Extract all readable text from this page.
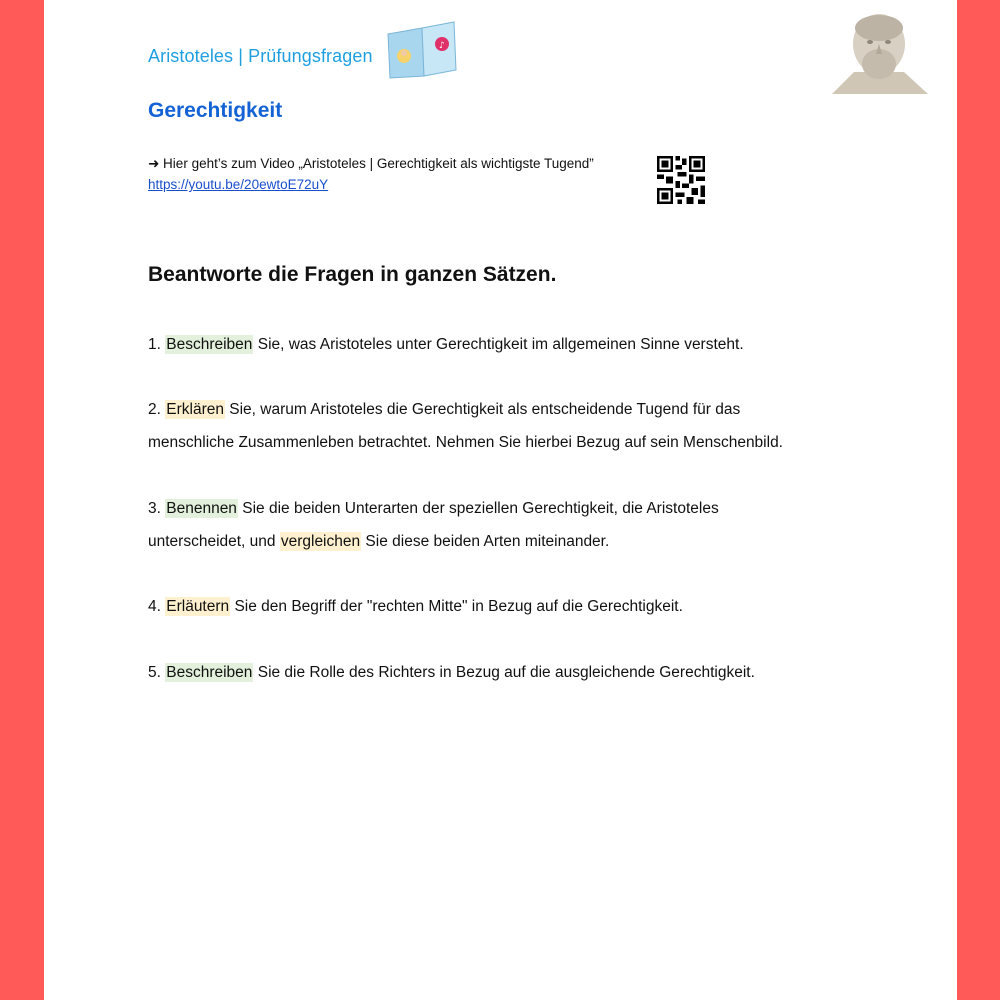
Aristoteles | Prüfungsfragen	♪
Gerechtigkeit
➜ Hier geht’s zum Video „Aristoteles | Gerechtigkeit als wichtigste Tugend”
https://youtu.be/20ewtoE72uY
Beantworte die Fragen in ganzen Sätzen.
1. Beschreiben Sie, was Aristoteles unter Gerechtigkeit im allgemeinen Sinne versteht.
2. Erklären Sie, warum Aristoteles die Gerechtigkeit als entscheidende Tugend für das
menschliche Zusammenleben betrachtet. Nehmen Sie hierbei Bezug auf sein Menschenbild.
3. Benennen Sie die beiden Unterarten der speziellen Gerechtigkeit, die Aristoteles
unterscheidet, und vergleichen Sie diese beiden Arten miteinander.
4. Erläutern Sie den Begriff der "rechten Mitte" in Bezug auf die Gerechtigkeit.
5. Beschreiben Sie die Rolle des Richters in Bezug auf die ausgleichende Gerechtigkeit.
